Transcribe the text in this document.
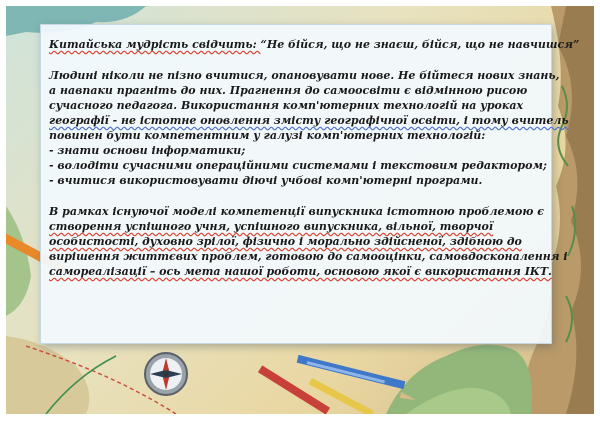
Китайська мудрість свідчить: “Не бійся, що не знаєш, бійся, що не навчишся”
Людині ніколи не пізно вчитися, опановувати нове. Не бійтеся нових знань,
а навпаки прагніть до них. Прагнення до самоосвіти є відмінною рисою
сучасного педагога. Використання комп'ютерних технологій на уроках
географії - не істотне оновлення змісту географічної освіти, і тому вчитель
повинен бути компетентним у галузі комп'ютерних технологій:
- знати основи інформатики;
- володіти сучасними операційними системами і текстовим редактором;
- вчитися використовувати діючі учбові комп'ютерні програми.
В рамках існуючої моделі компетенції випускника істотною проблемою є
створення успішного учня, успішного випускника, вільної, творчої
особистості, духовно зрілої, фізично і морально здійсненої, здібною до
вирішення життєвих проблем, готовою до самооцінки, самовдосконалення і
самореалізації – ось мета нашої роботи, основою якої є використання ІКТ.
